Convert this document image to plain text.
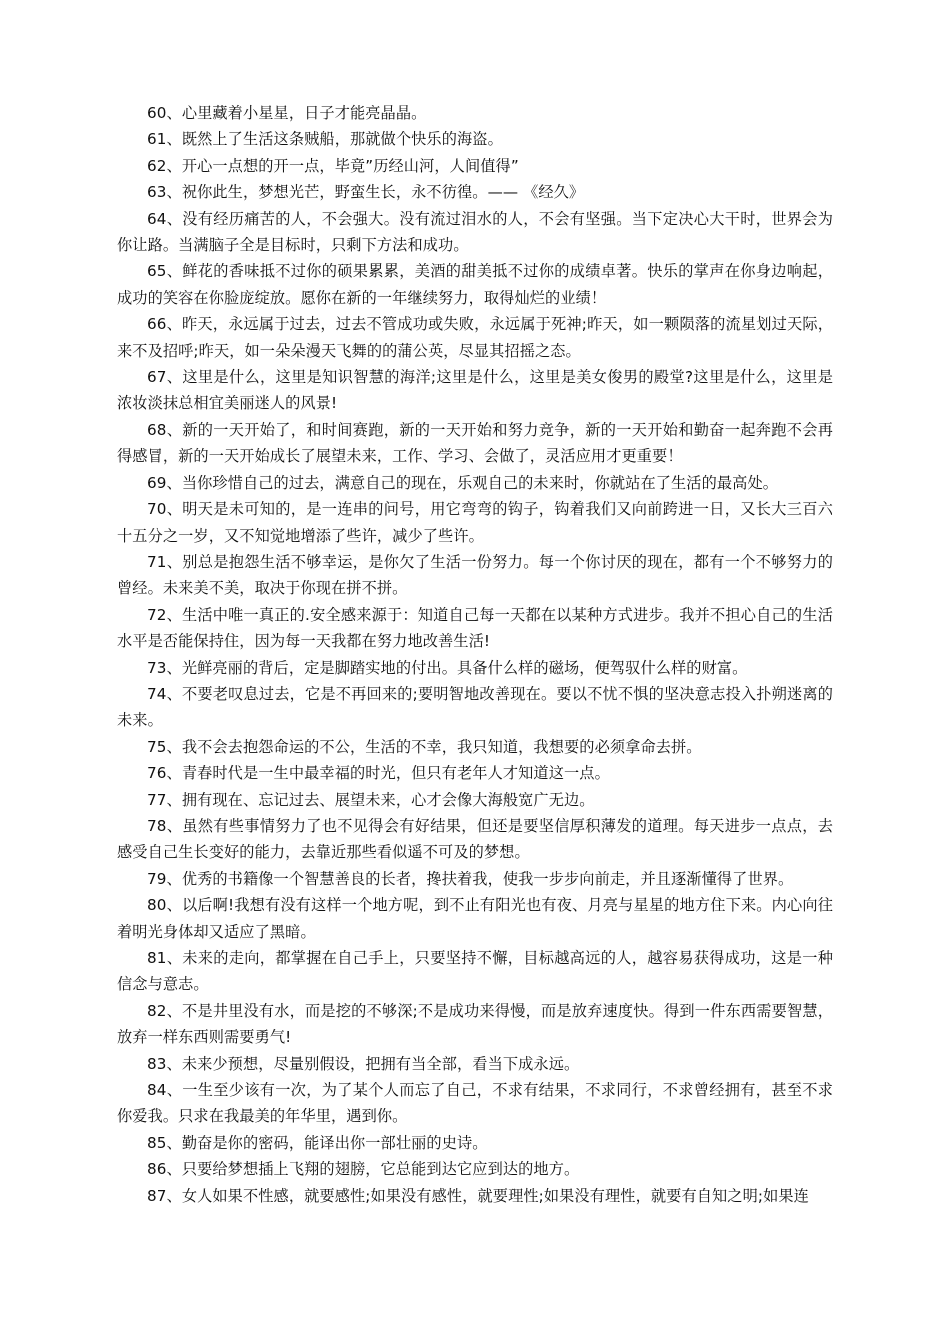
60、心里藏着小星星，日子才能亮晶晶。

61、既然上了生活这条贼船，那就做个快乐的海盗。

62、开心一点想的开一点，毕竟”历经山河，人间值得”

63、祝你此生，梦想光芒，野蛮生长，永不彷徨。—— 《经久》

64、没有经历痛苦的人，不会强大。没有流过泪水的人，不会有坚强。当下定决心大干时，世界会为你让路。当满脑子全是目标时，只剩下方法和成功。

65、鲜花的香味抵不过你的硕果累累，美酒的甜美抵不过你的成绩卓著。快乐的掌声在你身边响起，成功的笑容在你脸庞绽放。愿你在新的一年继续努力，取得灿烂的业绩！

66、昨天，永远属于过去，过去不管成功或失败，永远属于死神;昨天，如一颗陨落的流星划过天际，来不及招呼;昨天，如一朵朵漫天飞舞的的蒲公英，尽显其招摇之态。

67、这里是什么，这里是知识智慧的海洋;这里是什么，这里是美女俊男的殿堂?这里是什么，这里是浓妆淡抹总相宜美丽迷人的风景!

68、新的一天开始了，和时间赛跑，新的一天开始和努力竞争，新的一天开始和勤奋一起奔跑不会再得感冒，新的一天开始成长了展望未来，工作、学习、会做了，灵活应用才更重要！

69、当你珍惜自己的过去，满意自己的现在，乐观自己的未来时，你就站在了生活的最高处。

70、明天是未可知的，是一连串的问号，用它弯弯的钩子，钩着我们又向前跨进一日，又长大三百六十五分之一岁，又不知觉地增添了些许，减少了些许。

71、别总是抱怨生活不够幸运，是你欠了生活一份努力。每一个你讨厌的现在，都有一个不够努力的曾经。未来美不美，取决于你现在拼不拼。

72、生活中唯一真正的.安全感来源于：知道自己每一天都在以某种方式进步。我并不担心自己的生活水平是否能保持住，因为每一天我都在努力地改善生活!

73、光鲜亮丽的背后，定是脚踏实地的付出。具备什么样的磁场，便驾驭什么样的财富。

74、不要老叹息过去，它是不再回来的;要明智地改善现在。要以不忧不惧的坚决意志投入扑朔迷离的未来。

75、我不会去抱怨命运的不公，生活的不幸，我只知道，我想要的必须拿命去拼。

76、青春时代是一生中最幸福的时光，但只有老年人才知道这一点。

77、拥有现在、忘记过去、展望未来，心才会像大海般宽广无边。

78、虽然有些事情努力了也不见得会有好结果，但还是要坚信厚积薄发的道理。每天进步一点点，去感受自己生长变好的能力，去靠近那些看似遥不可及的梦想。

79、优秀的书籍像一个智慧善良的长者，搀扶着我，使我一步步向前走，并且逐渐懂得了世界。

80、以后啊!我想有没有这样一个地方呢，到不止有阳光也有夜、月亮与星星的地方住下来。内心向往着明光身体却又适应了黑暗。

81、未来的走向，都掌握在自己手上，只要坚持不懈，目标越高远的人，越容易获得成功，这是一种信念与意志。

82、不是井里没有水，而是挖的不够深;不是成功来得慢，而是放弃速度快。得到一件东西需要智慧，放弃一样东西则需要勇气!

83、未来少预想，尽量别假设，把拥有当全部，看当下成永远。

84、一生至少该有一次，为了某个人而忘了自己，不求有结果，不求同行，不求曾经拥有，甚至不求你爱我。只求在我最美的年华里，遇到你。

85、勤奋是你的密码，能译出你一部壮丽的史诗。

86、只要给梦想插上飞翔的翅膀，它总能到达它应到达的地方。

87、女人如果不性感，就要感性;如果没有感性，就要理性;如果没有理性，就要有自知之明;如果连
